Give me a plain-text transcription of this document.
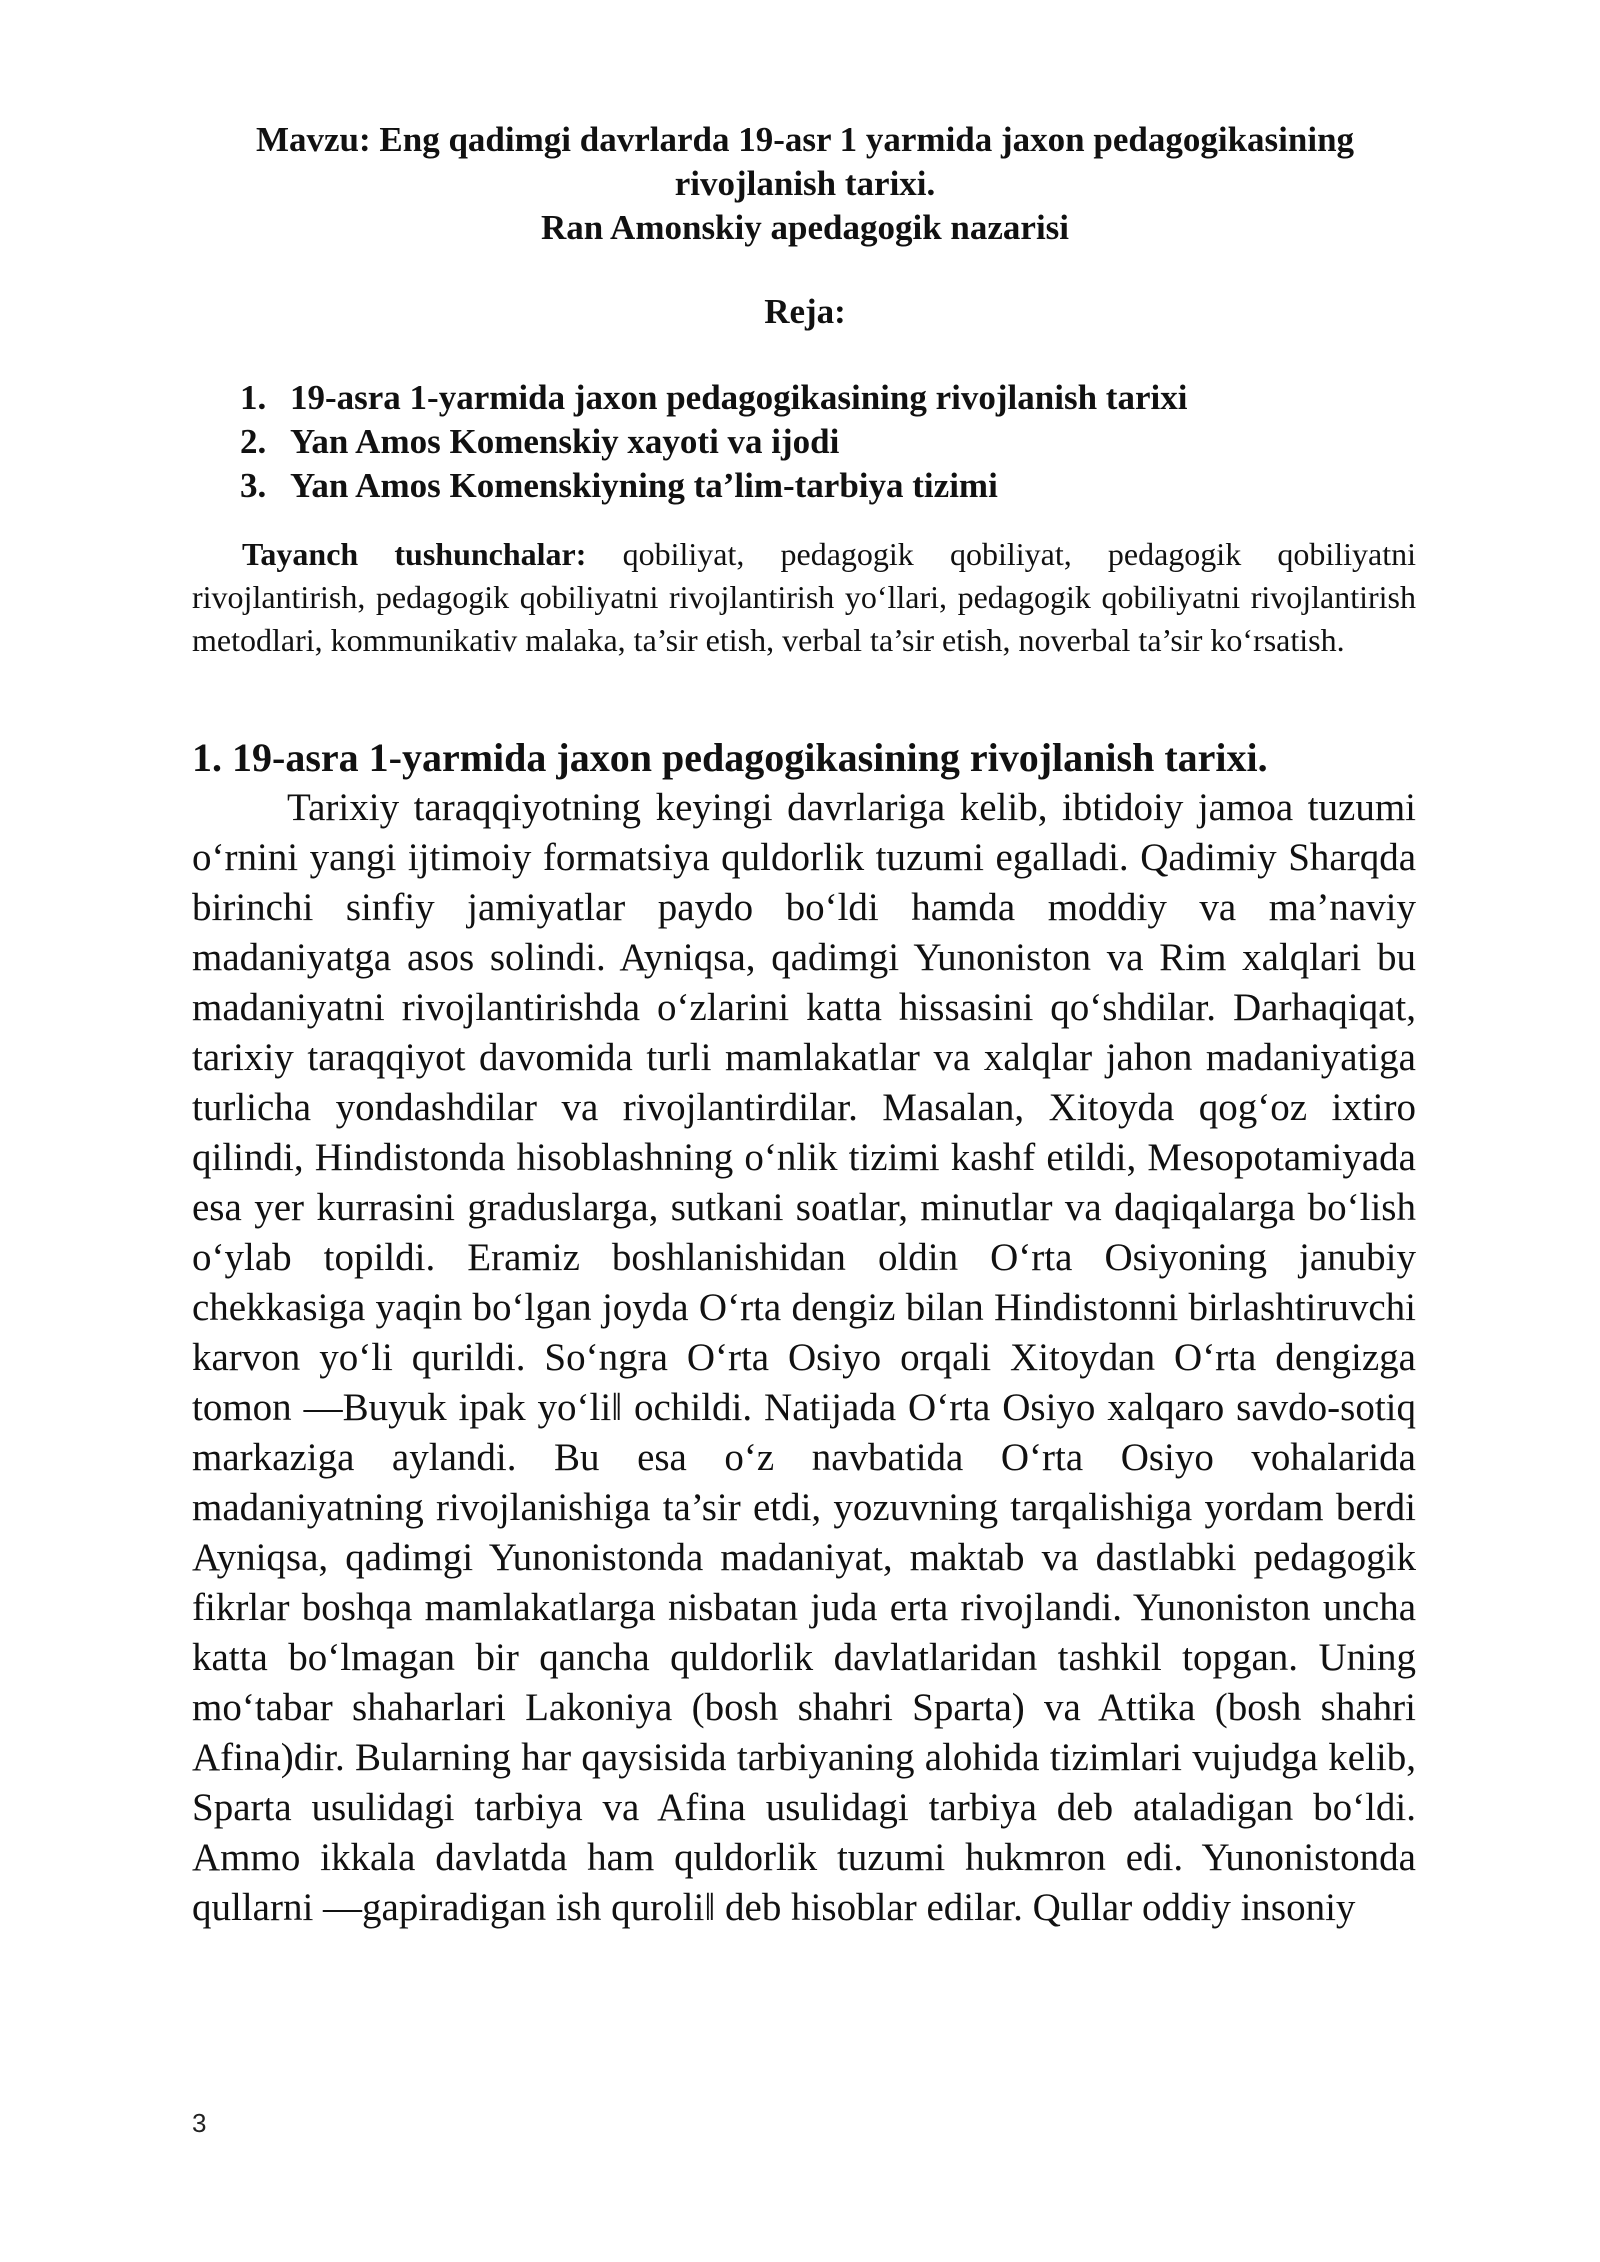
Mavzu: Eng qadimgi davrlarda 19-asr 1 yarmida jaxon pedagogikasining
rivojlanish tarixi.
Ran Amonskiy apedagogik nazarisi
Reja:
1. 19-asra 1-yarmida jaxon pedagogikasining rivojlanish tarixi
2. Yan Amos Komenskiy xayoti va ijodi
3. Yan Amos Komenskiyning ta’lim-tarbiya tizimi
Tayanch tushunchalar: qobiliyat, pedagogik qobiliyat, pedagogik qobiliyatni rivojlantirish, pedagogik qobiliyatni rivojlantirish yo‘llari, pedagogik qobiliyatni rivojlantirish metodlari, kommunikativ malaka, ta’sir etish, verbal ta’sir etish, noverbal ta’sir ko‘rsatish.
1. 19-asra 1-yarmida jaxon pedagogikasining rivojlanish tarixi.

Tarixiy taraqqiyotning keyingi davrlariga kelib, ibtidoiy jamoa tuzumi o‘rnini yangi ijtimoiy formatsiya quldorlik tuzumi egalladi. Qadimiy Sharqda birinchi sinfiy jamiyatlar paydo bo‘ldi hamda moddiy va ma’naviy madaniyatga asos solindi. Ayniqsa, qadimgi Yunoniston va Rim xalqlari bu madaniyatni rivojlantirishda o‘zlarini katta hissasini qo‘shdilar. Darhaqiqat, tarixiy taraqqiyot davomida turli mamlakatlar va xalqlar jahon madaniyatiga turlicha yondashdilar va rivojlantirdilar. Masalan, Xitoyda qog‘oz ixtiro qilindi, Hindistonda hisoblashning o‘nlik tizimi kashf etildi, Mesopotamiyada esa yer kurrasini graduslarga, sutkani soatlar, minutlar va daqiqalarga bo‘lish o‘ylab topildi. Eramiz boshlanishidan oldin O‘rta Osiyoning janubiy chekkasiga yaqin bo‘lgan joyda O‘rta dengiz bilan Hindistonni birlashtiruvchi karvon yo‘li qurildi. So‘ngra O‘rta Osiyo orqali Xitoydan O‘rta dengizga tomon ―Buyuk ipak yo‘li‖ ochildi. Natijada O‘rta Osiyo xalqaro savdo-sotiq markaziga aylandi. Bu esa o‘z navbatida O‘rta Osiyo vohalarida madaniyatning rivojlanishiga ta’sir etdi, yozuvning tarqalishiga yordam berdi Ayniqsa, qadimgi Yunonistonda madaniyat, maktab va dastlabki pedagogik fikrlar boshqa mamlakatlarga nisbatan juda erta rivojlandi. Yunoniston uncha katta bo‘lmagan bir qancha quldorlik davlatlaridan tashkil topgan. Uning mo‘tabar shaharlari Lakoniya (bosh shahri Sparta) va Attika (bosh shahri Afina)dir. Bularning har qaysisida tarbiyaning alohida tizimlari vujudga kelib, Sparta usulidagi tarbiya va Afina usulidagi tarbiya deb ataladigan bo‘ldi. Ammo ikkala davlatda ham quldorlik tuzumi hukmron edi. Yunonistonda qullarni ―gapiradigan ish quroli‖ deb hisoblar edilar. Qullar oddiy insoniy

3
